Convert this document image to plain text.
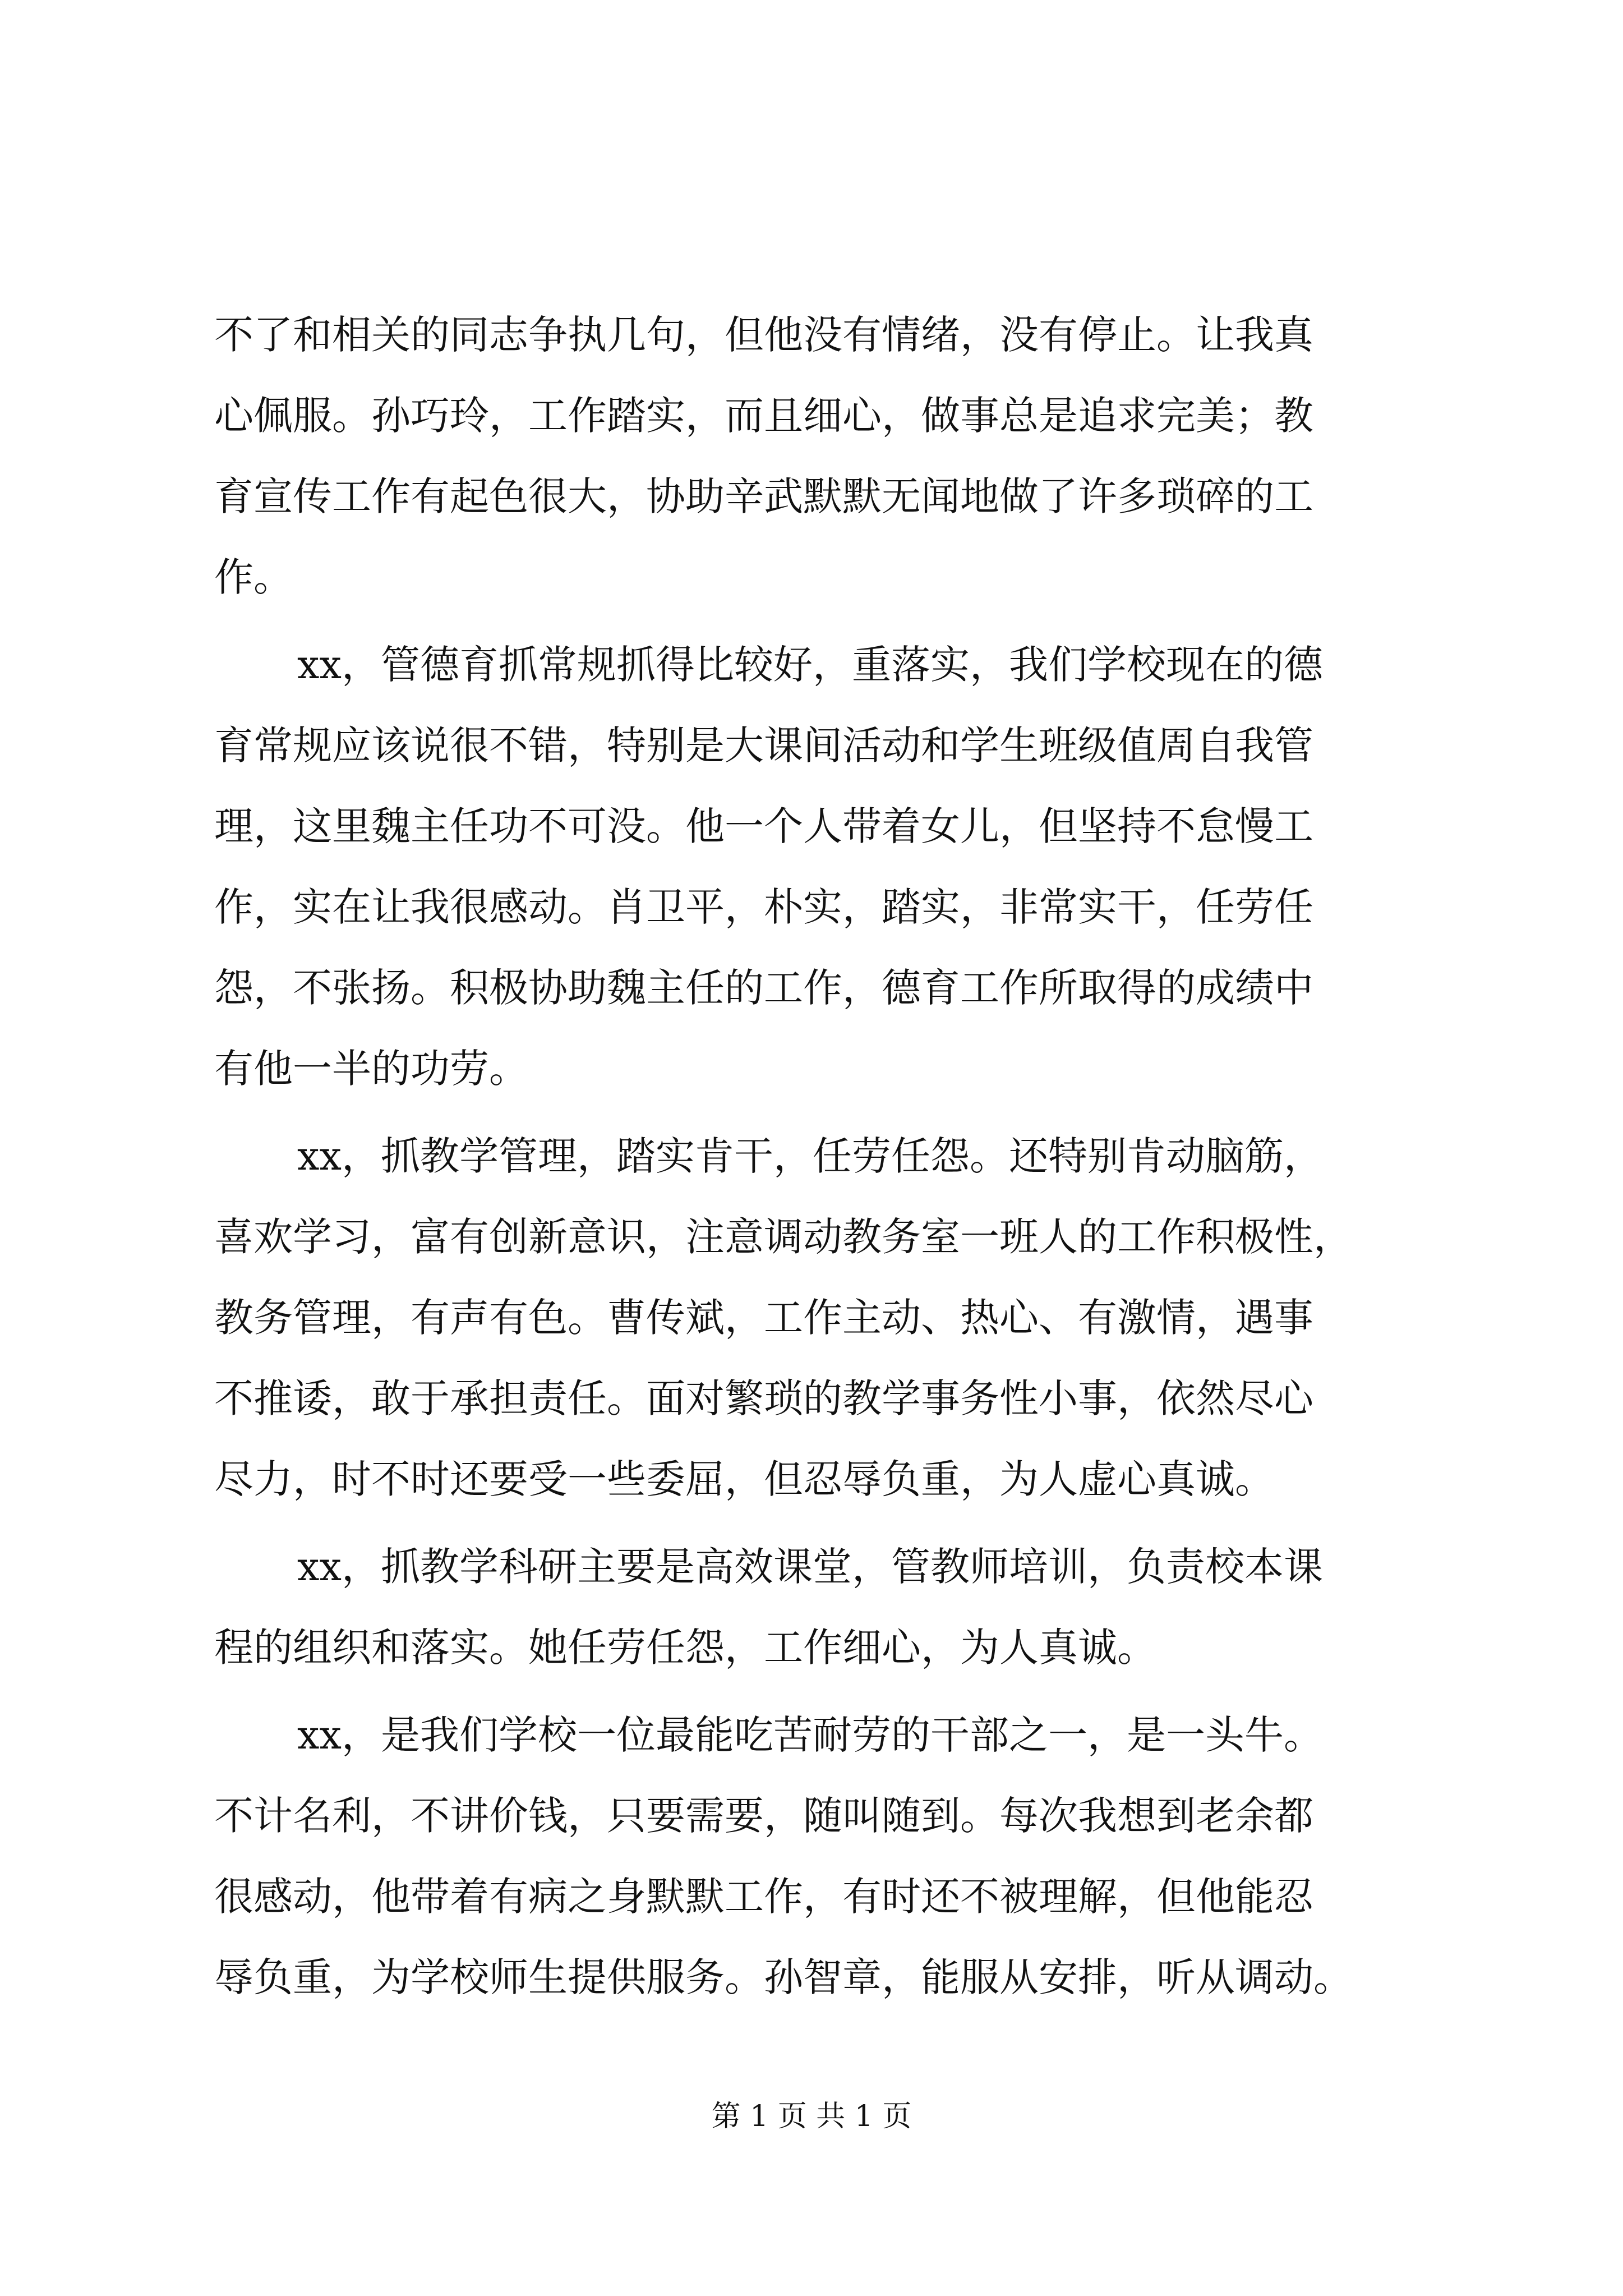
不了和相关的同志争执几句，但他没有情绪，没有停止。让我真
心佩服。孙巧玲，工作踏实，而且细心，做事总是追求完美；教
育宣传工作有起色很大，协助辛武默默无闻地做了许多琐碎的工
作。
xx，管德育抓常规抓得比较好，重落实，我们学校现在的德
育常规应该说很不错，特别是大课间活动和学生班级值周自我管
理，这里魏主任功不可没。他一个人带着女儿，但坚持不怠慢工
作，实在让我很感动。肖卫平，朴实，踏实，非常实干，任劳任
怨，不张扬。积极协助魏主任的工作，德育工作所取得的成绩中
有他一半的功劳。
xx，抓教学管理，踏实肯干，任劳任怨。还特别肯动脑筋，
喜欢学习，富有创新意识，注意调动教务室一班人的工作积极性，
教务管理，有声有色。曹传斌，工作主动、热心、有激情，遇事
不推诿，敢于承担责任。面对繁琐的教学事务性小事，依然尽心
尽力，时不时还要受一些委屈，但忍辱负重，为人虚心真诚。
xx，抓教学科研主要是高效课堂，管教师培训，负责校本课
程的组织和落实。她任劳任怨，工作细心，为人真诚。
xx，是我们学校一位最能吃苦耐劳的干部之一，是一头牛。
不计名利，不讲价钱，只要需要，随叫随到。每次我想到老余都
很感动，他带着有病之身默默工作，有时还不被理解，但他能忍
辱负重，为学校师生提供服务。孙智章，能服从安排，听从调动。
第 1 页 共 1 页
